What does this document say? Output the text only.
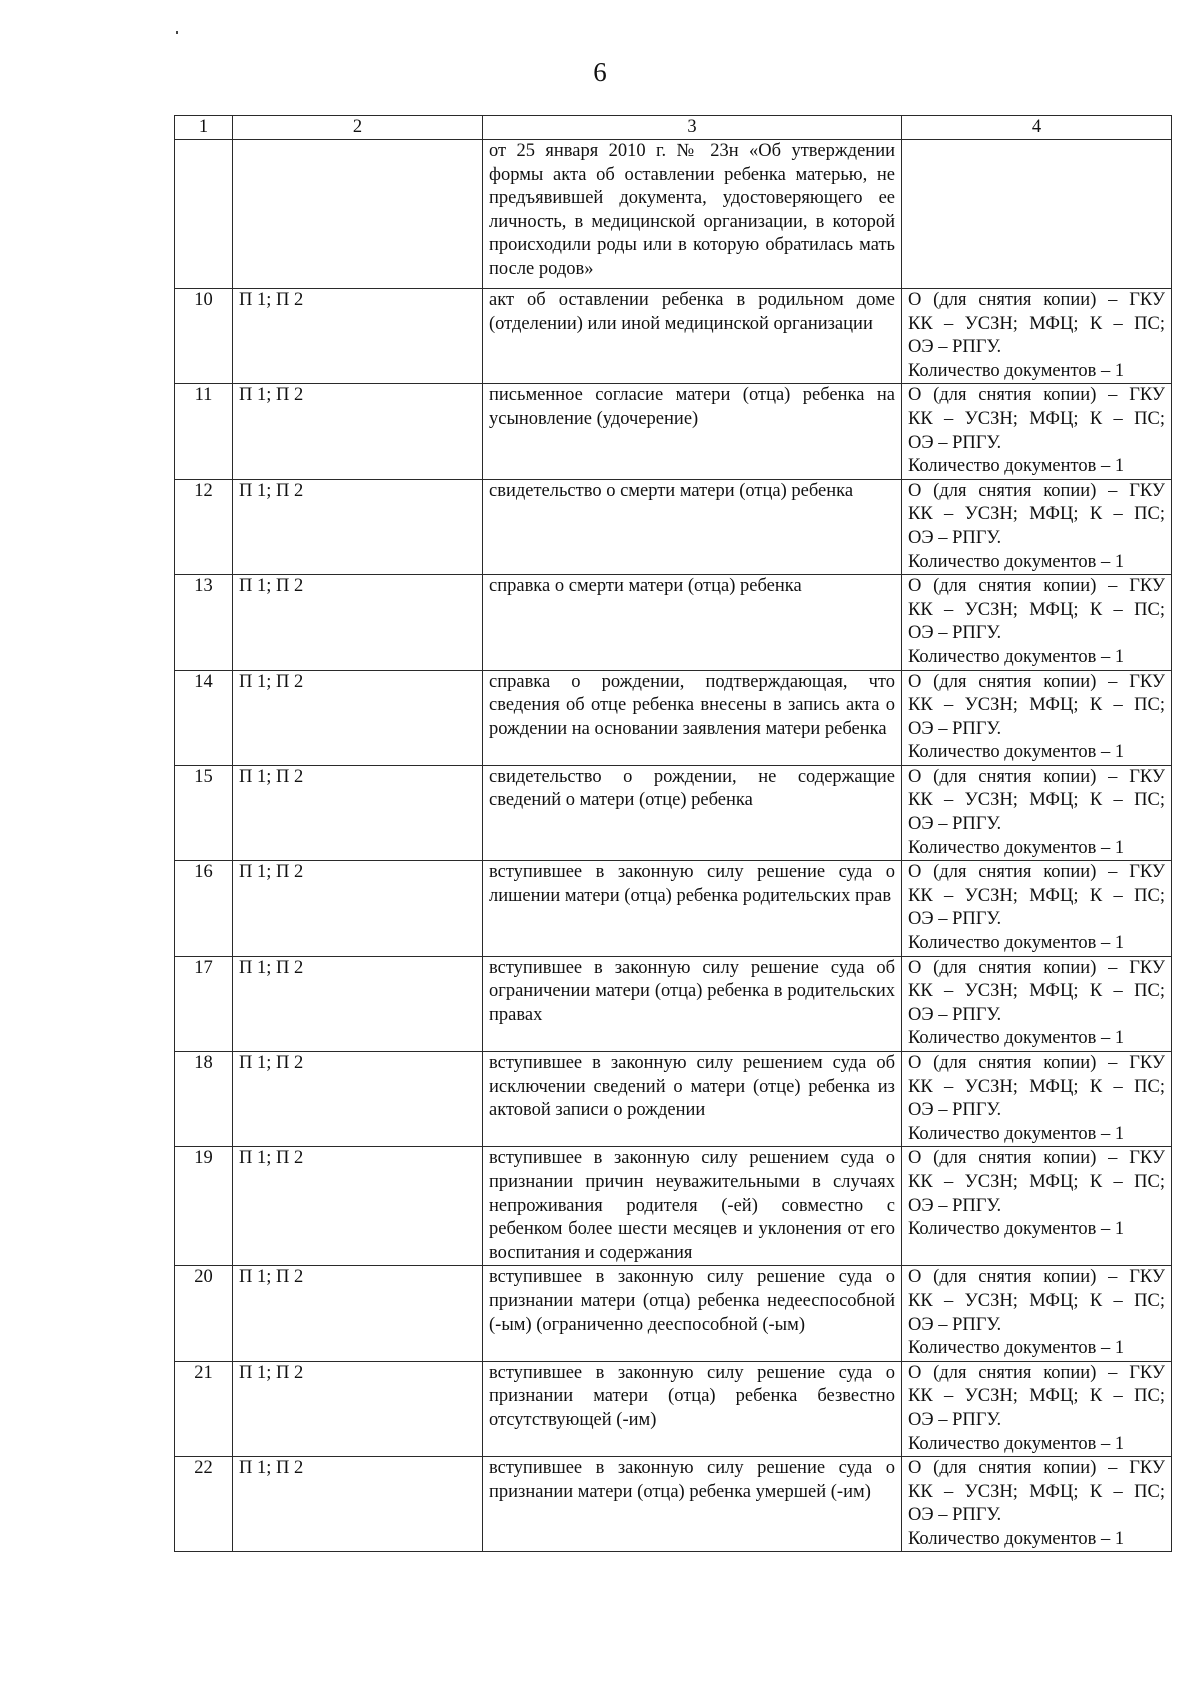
6
1	2	3	4
		от 25 января 2010 г. № 23н «Об утверждении формы акта об оставлении ребенка матерью, не предъявившей документа, удостоверяющего ее личность, в медицинской организации, в которой происходили роды или в которую обратилась мать после родов»	
10	П 1; П 2	акт об оставлении ребенка в родильном доме (отделении) или иной медицинской организации	О (для снятия копии) – ГКУ
КК – УСЗН; МФЦ; К – ПС;
ОЭ – РПГУ.
Количество документов – 1

11	П 1; П 2	письменное согласие матери (отца) ребенка на усыновление (удочерение)	О (для снятия копии) – ГКУ
КК – УСЗН; МФЦ; К – ПС;
ОЭ – РПГУ.
Количество документов – 1

12	П 1; П 2	свидетельство о смерти матери (отца) ребенка	О (для снятия копии) – ГКУ
КК – УСЗН; МФЦ; К – ПС;
ОЭ – РПГУ.
Количество документов – 1

13	П 1; П 2	справка о смерти матери (отца) ребенка	О (для снятия копии) – ГКУ
КК – УСЗН; МФЦ; К – ПС;
ОЭ – РПГУ.
Количество документов – 1

14	П 1; П 2	справка о рождении, подтверждающая, что сведения об отце ребенка внесены в запись акта о рождении на основании заявления матери ребенка	О (для снятия копии) – ГКУ
КК – УСЗН; МФЦ; К – ПС;
ОЭ – РПГУ.
Количество документов – 1

15	П 1; П 2	свидетельство о рождении, не содержащие сведений о матери (отце) ребенка	О (для снятия копии) – ГКУ
КК – УСЗН; МФЦ; К – ПС;
ОЭ – РПГУ.
Количество документов – 1

16	П 1; П 2	вступившее в законную силу решение суда о лишении матери (отца) ребенка родительских прав	О (для снятия копии) – ГКУ
КК – УСЗН; МФЦ; К – ПС;
ОЭ – РПГУ.
Количество документов – 1

17	П 1; П 2	вступившее в законную силу решение суда об ограничении матери (отца) ребенка в родительских правах	О (для снятия копии) – ГКУ
КК – УСЗН; МФЦ; К – ПС;
ОЭ – РПГУ.
Количество документов – 1

18	П 1; П 2	вступившее в законную силу решением суда об исключении сведений о матери (отце) ребенка из актовой записи о рождении	О (для снятия копии) – ГКУ
КК – УСЗН; МФЦ; К – ПС;
ОЭ – РПГУ.
Количество документов – 1

19	П 1; П 2	вступившее в законную силу решением суда о признании причин неуважительными в случаях непроживания родителя (-ей) совместно с ребенком более шести месяцев и уклонения от его воспитания и содержания	О (для снятия копии) – ГКУ
КК – УСЗН; МФЦ; К – ПС;
ОЭ – РПГУ.
Количество документов – 1

20	П 1; П 2	вступившее в законную силу решение суда о признании матери (отца) ребенка недееспособной (-ым) (ограниченно дееспособной (-ым)	О (для снятия копии) – ГКУ
КК – УСЗН; МФЦ; К – ПС;
ОЭ – РПГУ.
Количество документов – 1

21	П 1; П 2	вступившее в законную силу решение суда о признании матери (отца) ребенка безвестно отсутствующей (-им)	О (для снятия копии) – ГКУ
КК – УСЗН; МФЦ; К – ПС;
ОЭ – РПГУ.
Количество документов – 1

22	П 1; П 2	вступившее в законную силу решение суда о признании матери (отца) ребенка умершей (-им)	О (для снятия копии) – ГКУ
КК – УСЗН; МФЦ; К – ПС;
ОЭ – РПГУ.
Количество документов – 1
